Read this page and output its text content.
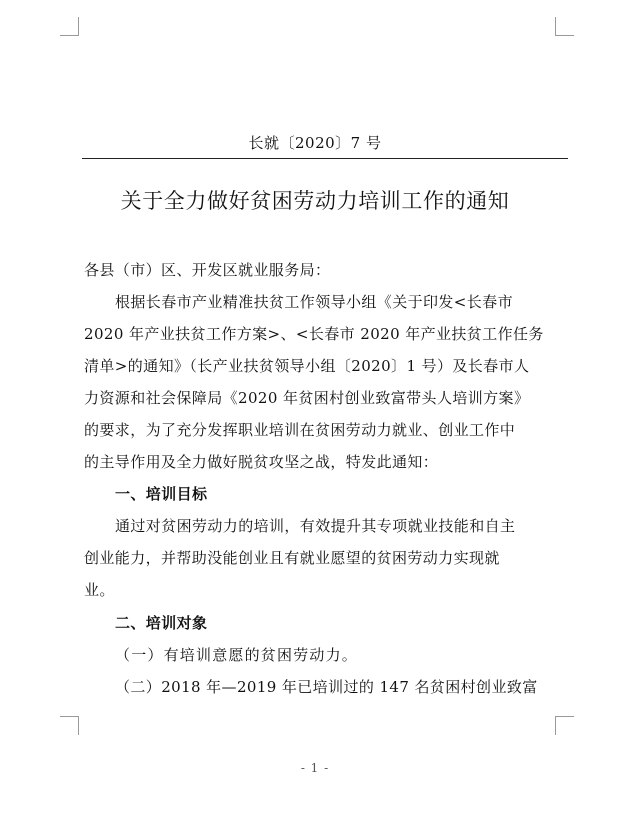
长就〔2020〕7 号
关于全力做好贫困劳动力培训工作的通知
各县（市）区、开发区就业服务局：
根据长春市产业精准扶贫工作领导小组《关于印发<长春市
2020 年产业扶贫工作方案>、<长春市 2020 年产业扶贫工作任务
清单>的通知》（长产业扶贫领导小组〔2020〕1 号）及长春市人
力资源和社会保障局《2020 年贫困村创业致富带头人培训方案》
的要求，为了充分发挥职业培训在贫困劳动力就业、创业工作中
的主导作用及全力做好脱贫攻坚之战，特发此通知：
一、培训目标
通过对贫困劳动力的培训，有效提升其专项就业技能和自主
创业能力，并帮助没能创业且有就业愿望的贫困劳动力实现就
业。
二、培训对象
（一）有培训意愿的贫困劳动力。
（二）2018 年—2019 年已培训过的 147 名贫困村创业致富
- 1 -
